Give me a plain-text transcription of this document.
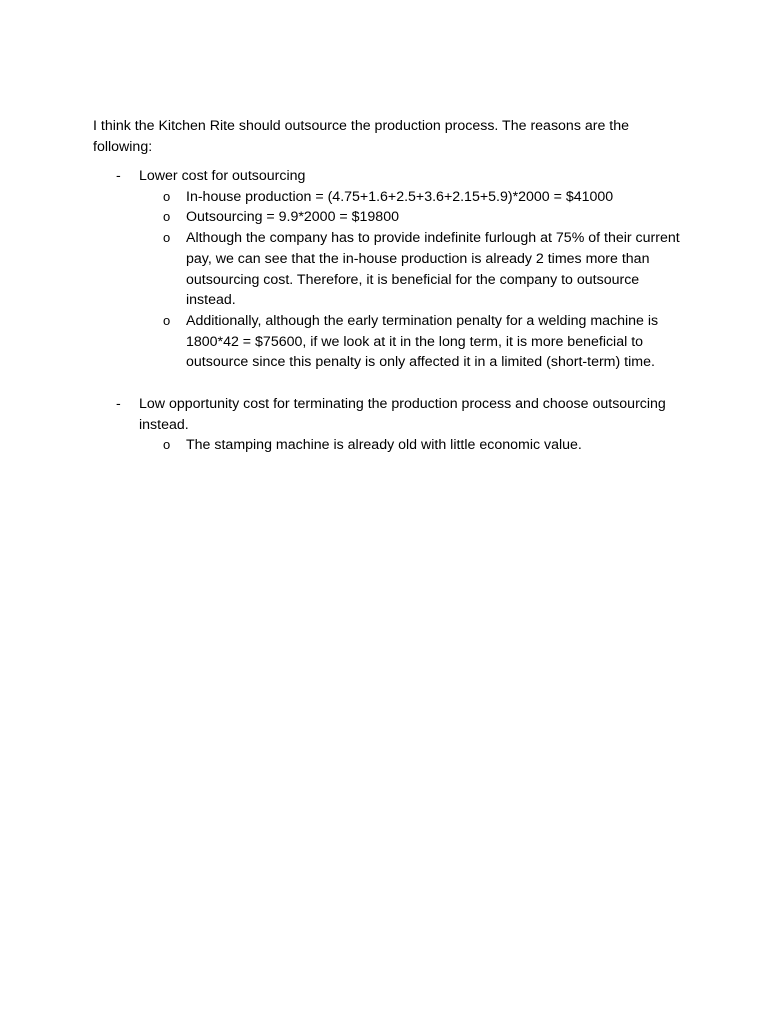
I think the Kitchen Rite should outsource the production process. The reasons are the following:

- Lower cost for outsourcing
o In-house production = (4.75+1.6+2.5+3.6+2.15+5.9)*2000 = $41000
o Outsourcing = 9.9*2000 = $19800
o Although the company has to provide indefinite furlough at 75% of their current pay, we can see that the in-house production is already 2 times more than outsourcing cost. Therefore, it is beneficial for the company to outsource instead.
o Additionally, although the early termination penalty for a welding machine is 1800*42 = $75600, if we look at it in the long term, it is more beneficial to outsource since this penalty is only affected it in a limited (short-term) time.
- Low opportunity cost for terminating the production process and choose outsourcing instead.
o The stamping machine is already old with little economic value.
